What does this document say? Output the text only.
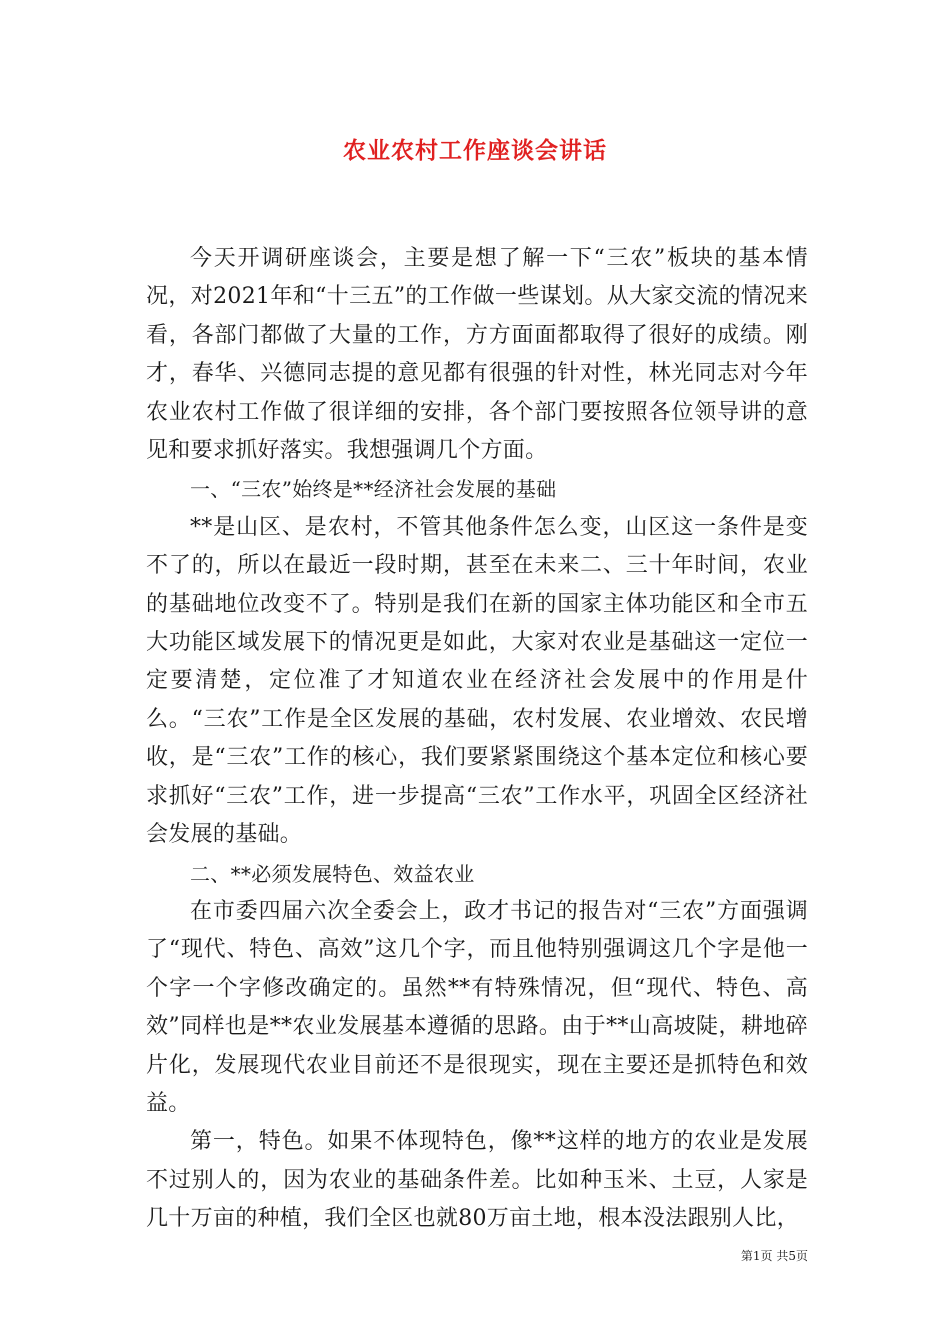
农业农村工作座谈会讲话

今天开调研座谈会，主要是想了解一下“三农”板块的基本情况，对2021年和“十三五”的工作做一些谋划。从大家交流的情况来看，各部门都做了大量的工作，方方面面都取得了很好的成绩。刚才，春华、兴德同志提的意见都有很强的针对性，林光同志对今年农业农村工作做了很详细的安排，各个部门要按照各位领导讲的意见和要求抓好落实。我想强调几个方面。

一、“三农”始终是**经济社会发展的基础

**是山区、是农村，不管其他条件怎么变，山区这一条件是变不了的，所以在最近一段时期，甚至在未来二、三十年时间，农业的基础地位改变不了。特别是我们在新的国家主体功能区和全市五大功能区域发展下的情况更是如此，大家对农业是基础这一定位一定要清楚，定位准了才知道农业在经济社会发展中的作用是什么。“三农”工作是全区发展的基础，农村发展、农业增效、农民增收，是“三农”工作的核心，我们要紧紧围绕这个基本定位和核心要求抓好“三农”工作，进一步提高“三农”工作水平，巩固全区经济社会发展的基础。

二、**必须发展特色、效益农业

在市委四届六次全委会上，政才书记的报告对“三农”方面强调了“现代、特色、高效”这几个字，而且他特别强调这几个字是他一个字一个字修改确定的。虽然**有特殊情况，但“现代、特色、高效”同样也是**农业发展基本遵循的思路。由于**山高坡陡，耕地碎片化，发展现代农业目前还不是很现实，现在主要还是抓特色和效益。

第一，特色。如果不体现特色，像**这样的地方的农业是发展不过别人的，因为农业的基础条件差。比如种玉米、土豆，人家是几十万亩的种植，我们全区也就80万亩土地，根本没法跟别人比，

第1页 共5页
